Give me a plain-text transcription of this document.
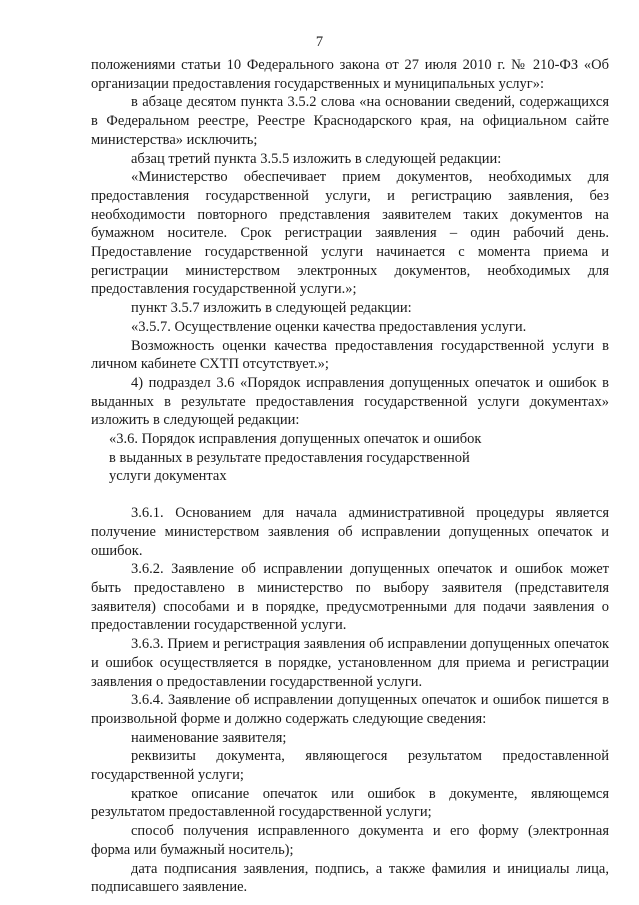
7

положениями статьи 10 Федерального закона от 27 июля 2010 г. № 210-ФЗ «Об организации предоставления государственных и муниципальных услуг»:

в абзаце десятом пункта 3.5.2 слова «на основании сведений, содержащихся в Федеральном реестре, Реестре Краснодарского края, на официальном сайте министерства» исключить;

абзац третий пункта 3.5.5 изложить в следующей редакции:

«Министерство обеспечивает прием документов, необходимых для предоставления государственной услуги, и регистрацию заявления, без необходимости повторного представления заявителем таких документов на бумажном носителе. Срок регистрации заявления – один рабочий день. Предоставление государственной услуги начинается с момента приема и регистрации министерством электронных документов, необходимых для предоставления государственной услуги.»;

пункт 3.5.7 изложить в следующей редакции:

«3.5.7. Осуществление оценки качества предоставления услуги.

Возможность оценки качества предоставления государственной услуги в личном кабинете СХТП отсутствует.»;

4) подраздел 3.6 «Порядок исправления допущенных опечаток и ошибок в выданных в результате предоставления государственной услуги документах» изложить в следующей редакции:

«3.6. Порядок исправления допущенных опечаток и ошибок
в выданных в результате предоставления государственной
услуги документах

3.6.1. Основанием для начала административной процедуры является получение министерством заявления об исправлении допущенных опечаток и ошибок.

3.6.2. Заявление об исправлении допущенных опечаток и ошибок может быть предоставлено в министерство по выбору заявителя (представителя заявителя) способами и в порядке, предусмотренными для подачи заявления о предоставлении государственной услуги.

3.6.3. Прием и регистрация заявления об исправлении допущенных опечаток и ошибок осуществляется в порядке, установленном для приема и регистрации заявления о предоставлении государственной услуги.

3.6.4. Заявление об исправлении допущенных опечаток и ошибок пишется в произвольной форме и должно содержать следующие сведения:

наименование заявителя;

реквизиты документа, являющегося результатом предоставленной государственной услуги;

краткое описание опечаток или ошибок в документе, являющемся результатом предоставленной государственной услуги;

способ получения исправленного документа и его форму (электронная форма или бумажный носитель);

дата подписания заявления, подпись, а также фамилия и инициалы лица, подписавшего заявление.
